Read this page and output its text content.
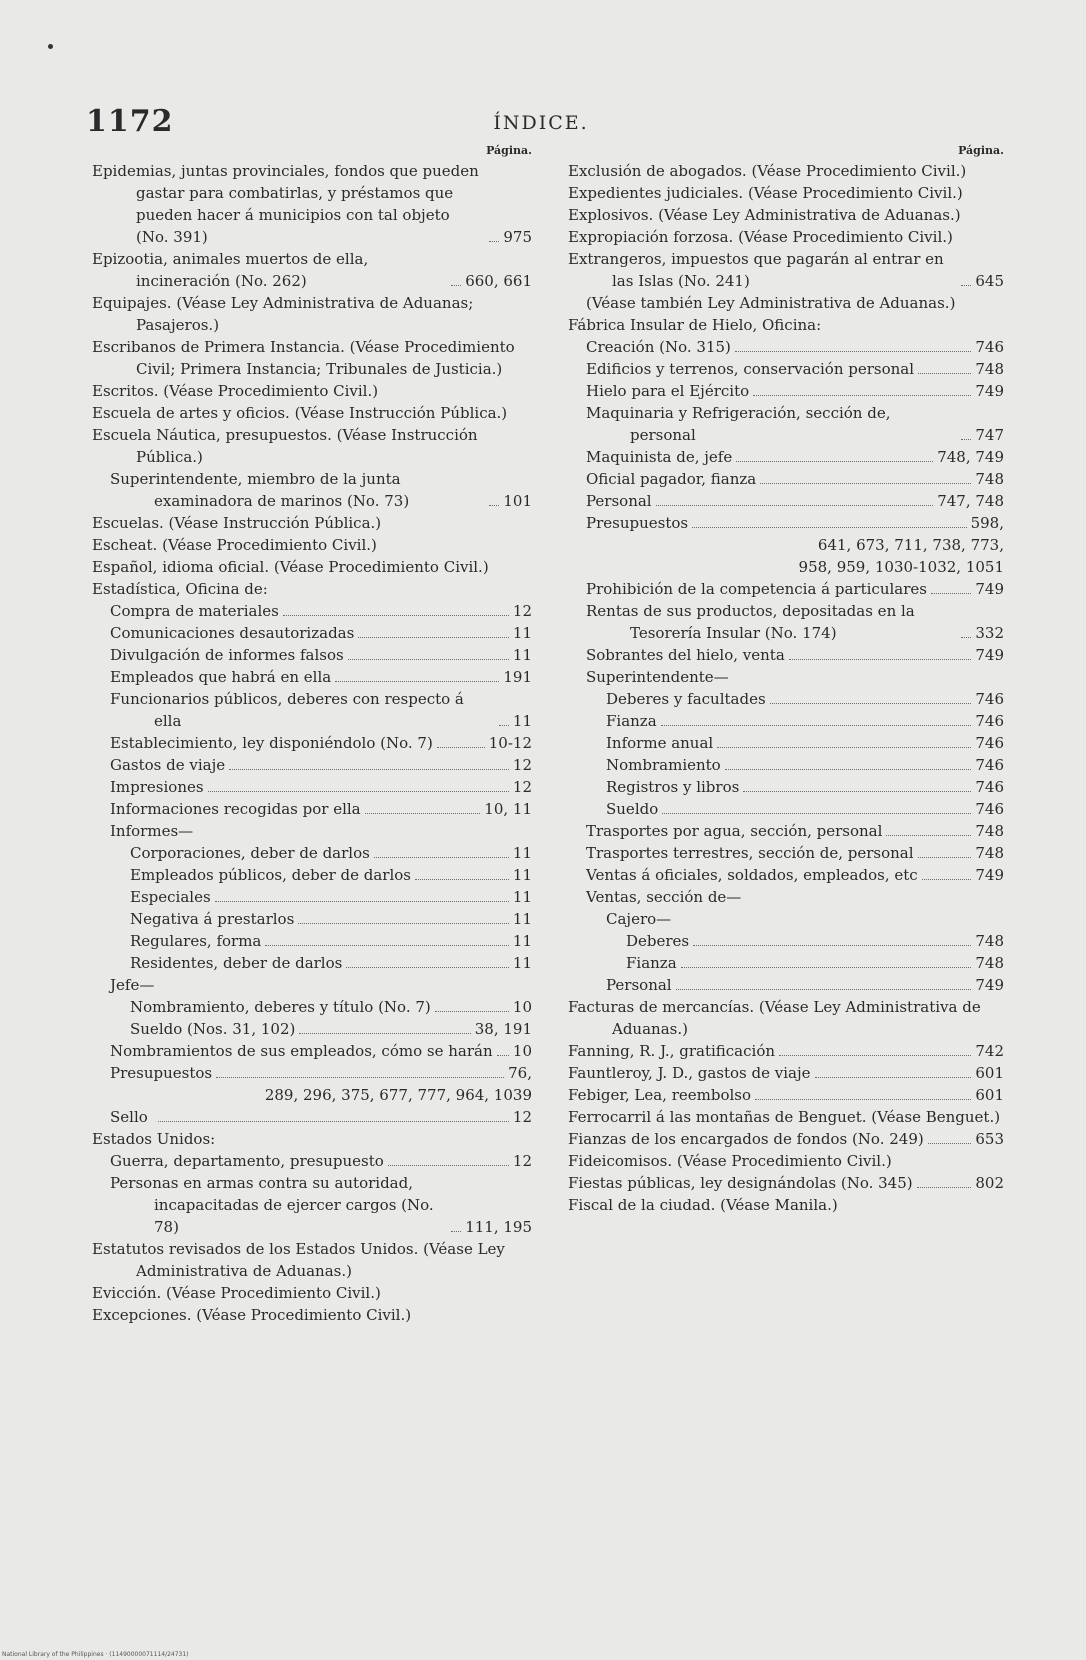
1172	ÍNDICE.
Página.
Epidemias, juntas provinciales, fondos que pueden gastar para combatirlas, y préstamos que pueden hacer á municipios con tal objeto (No. 391)	975
Epizootia, animales muertos de ella, incineración (No. 262)	660, 661
Equipajes. (Véase Ley Administrativa de Aduanas; Pasajeros.)
Escribanos de Primera Instancia. (Véase Procedimiento Civil; Primera Instancia; Tribunales de Justicia.)
Escritos. (Véase Procedimiento Civil.)
Escuela de artes y oficios. (Véase Instrucción Pública.)
Escuela Náutica, presupuestos. (Véase Instrucción Pública.)
Superintendente, miembro de la junta examinadora de marinos (No. 73)	101
Escuelas. (Véase Instrucción Pública.)
Escheat. (Véase Procedimiento Civil.)
Español, idioma oficial. (Véase Procedimiento Civil.)
Estadística, Oficina de:
Compra de materiales	12
Comunicaciones desautorizadas	11
Divulgación de informes falsos	11
Empleados que habrá en ella	191
Funcionarios públicos, deberes con respecto á ella	11
Establecimiento, ley disponiéndolo (No. 7)	10-12
Gastos de viaje	12
Impresiones	12
Informaciones recogidas por ella	10, 11
Informes—
Corporaciones, deber de darlos	11
Empleados públicos, deber de darlos	11
Especiales	11
Negativa á prestarlos	11
Regulares, forma	11
Residentes, deber de darlos	11
Jefe—
Nombramiento, deberes y título (No. 7)	10
Sueldo (Nos. 31, 102)	38, 191
Nombramientos de sus empleados, cómo se harán 10
Presupuestos	76,
289, 296, 375, 677, 777, 964, 1039
Sello	12
Estados Unidos:
Guerra, departamento, presupuesto	12
Personas en armas contra su autoridad, incapacitadas de ejercer cargos (No. 78)	111, 195
Estatutos revisados de los Estados Unidos. (Véase Ley Administrativa de Aduanas.)
Evicción. (Véase Procedimiento Civil.)
Excepciones. (Véase Procedimiento Civil.)
Página.
Exclusión de abogados. (Véase Procedimiento Civil.)
Expedientes judiciales. (Véase Procedimiento Civil.)
Explosivos. (Véase Ley Administrativa de Aduanas.)
Expropiación forzosa. (Véase Procedimiento Civil.)
Extrangeros, impuestos que pagarán al entrar en las Islas (No. 241)	645
(Véase también Ley Administrativa de Aduanas.)
Fábrica Insular de Hielo, Oficina:
Creación (No. 315)	746
Edificios y terrenos, conservación personal	748
Hielo para el Ejército	749
Maquinaria y Refrigeración, sección de, personal	747
Maquinista de, jefe	748, 749
Oficial pagador, fianza	748
Personal	747, 748
Presupuestos	598,
641, 673, 711, 738, 773,
958, 959, 1030-1032, 1051
Prohibición de la competencia á particulares	749
Rentas de sus productos, depositadas en la Tesorería Insular (No. 174)	332
Sobrantes del hielo, venta	749
Superintendente—
Deberes y facultades	746
Fianza	746
Informe anual	746
Nombramiento	746
Registros y libros	746
Sueldo	746
Trasportes por agua, sección, personal	748
Trasportes terrestres, sección de, personal	748
Ventas á oficiales, soldados, empleados, etc	749
Ventas, sección de—
Cajero—
Deberes	748
Fianza	748
Personal	749
Facturas de mercancías. (Véase Ley Administrativa de Aduanas.)
Fanning, R. J., gratificación	742
Fauntleroy, J. D., gastos de viaje	601
Febiger, Lea, reembolso	601
Ferrocarril á las montañas de Benguet. (Véase Benguet.)
Fianzas de los encargados de fondos (No. 249)	653
Fideicomisos. (Véase Procedimiento Civil.)
Fiestas públicas, ley designándolas (No. 345)	802
Fiscal de la ciudad. (Véase Manila.)
National Library of the Philippines · (11490000071114/24731)
